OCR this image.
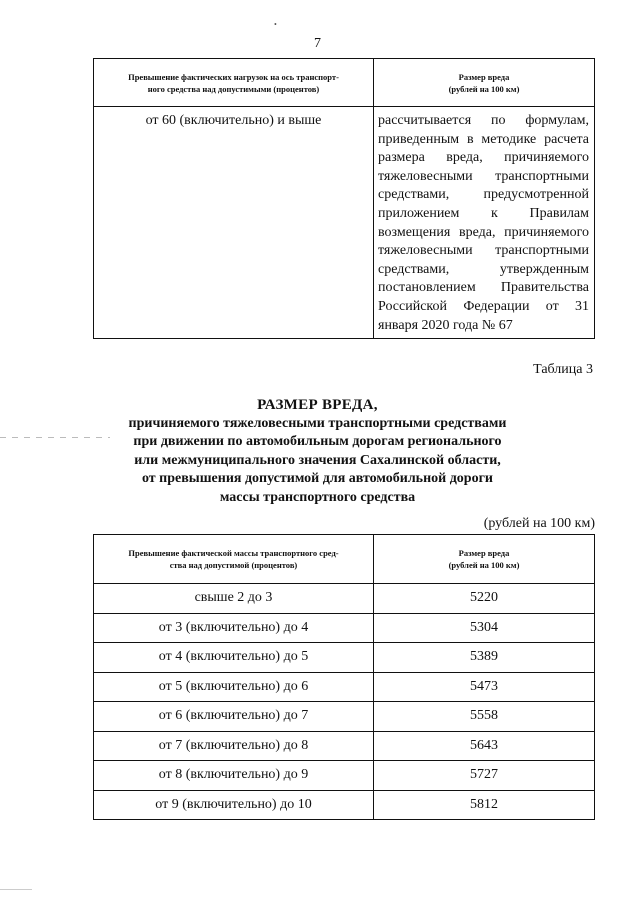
•
7
Превышение фактических нагрузок на ось транспорт-
ного средства над допустимыми (процентов)	Размер вреда
(рублей на 100 км)

от 60 (включительно) и выше	рассчитывается по формулам, приведенным в методике расчета размера вреда, причиняемого тяжеловесными транспортными средствами, предусмотренной приложением к Правилам возмещения вреда, причиняемого тяжеловесными транспортными средствами, утвержденным постановлением Правительства Российской Федерации от 31 января 2020 года № 67
Таблица 3
РАЗМЕР ВРЕДА,
причиняемого тяжеловесными транспортными средствами
при движении по автомобильным дорогам регионального
или межмуниципального значения Сахалинской области,
от превышения допустимой для автомобильной дороги
массы транспортного средства
(рублей на 100 км)
Превышение фактической массы транспортного сред-
ства над допустимой (процентов)	Размер вреда
(рублей на 100 км)

свыше 2 до 3	5220
от 3 (включительно) до 4	5304
от 4 (включительно) до 5	5389
от 5 (включительно) до 6	5473
от 6 (включительно) до 7	5558
от 7 (включительно) до 8	5643
от 8 (включительно) до 9	5727
от 9 (включительно) до 10	5812
